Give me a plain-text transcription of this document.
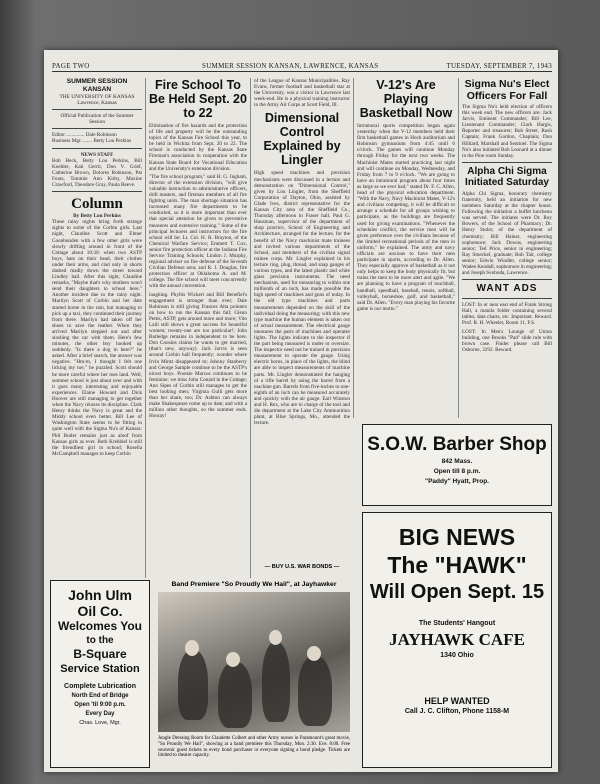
PAGE TWO	SUMMER SESSION KANSAN, LAWRENCE, KANSAS	TUESDAY, SEPTEMBER 7, 1943
SUMMER SESSION KANSAN
THE UNIVERSITY OF KANSAS
Lawrence, Kansas
Official Publication of the Summer Session
Editor .............. Dale Robinson
Business Mgr. ....... Betty Lou Perkins
NEWS STAFF
Bob Beck, Betty Lou Perkins, Bill Koehler, Kati Gerrit, Don V. Grief, Catherine Brown, Dolores Robinson, Pat Fouts, Tommie Ann Kirby, Maxine Crawford, Theodore Gray, Paula Reeve.
Column
By Betty Lou Perkins
These rainy nights bring forth strange sights to some of the Corbin girls. Last night, Claudine Scott and Elmer Coonbunden with a few other girls were slowly drifting around in front of the Cottage about 10:30: when two ASTP boys, hats on their head, their clothes under their arms, and clad only in shorts dashed madly down the street toward Lindley hall. After this sight, Claudine remarks, "Maybe that's why mothers won't send their daughters to school here." Another incident due to the rainy night. Marilyn Scott of Corbin and her date started home in the rain, but managing to pick up a taxi, they continued their journey from there. Marilyn had taken off her shoes to save the leather. When they arrived Marilyn stepped out and after sloshing the car with them. Here's few minutes, the other boy hooked up suddenly. "Is there a dog in here?" he asked. After a brief search, the answer was negative. "Hm-m, I thought I felt one licking my toe," he puzzled. Scott should be more careful where her toes land. Well, summer school is just about over and with it goes many interesting and enjoyable experiences. Elaine Howard and Dick Hoover are still managing to get together when the Navy relaxes its discipline. Clark Henry thinks the Navy is great and the Middy school even better. Bill Lee of Washington State seems to be fitting in quite well with the Sigma Nu's of Kansas: Phil Butler remains just as aloof from Kansas girls as ever. Both Krehbiel is still the friendliest girl in school; Rosella McCampbell manages to keep Corbin
Fire School To Be Held Sept. 20 to 22
Elimination of fire hazards and the protection of life and property will be the outstanding topics of the Kansas Fire School this year, to be held in Wichita from Sept. 20 to 22. The school is conducted by the Kansas State Fireman's association in cooperation with the Kansas State Board for Vocational Education and the University's extension division.
"The fire school program," said H. G. Ingham, director of the extension division, "will give valuable instruction to administrative officers, drill masters, and fireman members of all fire fighting units. The man shortage situation has increased many fire departments to be conducted, so it is more important than ever that special attention be given to preventive measures and extensive training." Some of the principal lecturers and instructors for the fire school will be: Lt. Col. H. R. Brayton, of the Chemical Warfare Service; Emmett T. Cox, senior fire protection officer at the Indiana Fire Service Training Schools; Lindon J. Murphy, regional adviser on fire defense of the Seventh Civilian Defense area; and R. J. Douglas, fire protection officer at Oklahoma A. and M. college. The fire school will meet concurrently with the annual convention.
laughing. Phyllis Wickert and Bill Benefiel's engagement is stronger than ever; Dale Robinson is still giving Frances Alta pointers on how to run the Kansan this fall; Glenn Pettis, ASTP, gets around more and more; Vito Laili still shows a great success for beautiful women; twenty-one are too particular!; John Butledge remains in independent to be here. Don Cousins claims he wants to get married, (that's new, anyway). Jack Jarvis is seen around Corbin hall frequently; wonder where Irvin Mintz disappeared to; Johnny Stanberry and George Sample continue to be the ASTP's nicest boys. Pootsie Marcus continues to be feminine; we miss John Conard in the Cottage; Ann Sipes of Corbin still manages to get the best looking men; Virginia Gulli gets more than her share, too; Dr. Ashton can always make Shakespeare come up to date; and with a million other thoughts, so the summer ends. Hooray!
of the League of Kansas Municipalities. Ray Evans, former football and basketball star at the University, was a visitor in Lawrence last week-end. He is a physical training instructor in the Army Air Corps at Scott Field, Ill.
Dimensional Control Explained by Lingler
High speed machines and precision mechanisms were discussed in a lecture and demonstration on "Dimensional Control," given by Lou Lingler, from the Sheffield Corporation of Dayton, Ohio, assisted by Glade Ives, district representative for the Kansas City area of the Sheffield Co., Thursday afternoon in Fraser hall. Paul G. Hausman, supervisor of the department of shop practice, School of Engineering and Architecture, arranged for the lecture, for the benefit of the Navy machinist mate trainees and invited various departments of the School, and members of the civilian signal trainee corps. Mr. Lingler explained in his lecture ring, plug, thread, and snap gauges of various types, and the latest plastic and white glass precision instruments. The need mechanism, used for measuring to within one millionth of an inch, has made possible the high speed of machines and guns of today. In the old type machines and parts measurements depended on the skill of the individual doing the measuring; with this new type machine the human element is taken out of actual measurement. The electrical gauge measures the parts of machines and operates lights. The lights indicate to the inspector if the part being measured is under or oversize. The inspector need not be trained in precision measurement to operate the gauge. Using electric horns, in place of the lights, the blind are able to inspect measurements of machine parts. Mr. Lingler demonstrated the hanging of a rifle barrel by using the barrel from a machine gun. Barrels from five-inches to one-eighth of an inch can be measured accurately and quickly with the air gauge. Earl Winston and H. Rex, who are in charge of the tool and die department at the Lake City Ammunition plant, at Blue Springs, Mo., attended the lecture.
— BUY U.S. WAR BONDS —
V-12's Are Playing Basketball Now
Intramural sports competition began again yesterday when the V-12 members held their first basketball games in Hoch auditorium and Robinson gymnasium from 4:45 until 6 o'clock. The games will continue Monday through Friday for the next two weeks. The Machinist Mates started practicing last night and will continue on Monday, Wednesday, and Friday from 7 to 9 o'clock. "We are going to have an intramural program about four times as large as we ever had," stated Dr. F. C. Allen, head of the physical education department. "With the Navy, Navy Machinist Mates, V-12's and civilians competing, it will be difficult to arrange a schedule for all groups wishing to participate, as the buildings are frequently used for giving examinations. "Whenever the schedules conflict, the service men will be given preference over the civilians because of the limited recreational periods of the men in uniform," he explained. The army and navy officials are anxious to have their men participate in sports, according to Dr. Allen. They especially approve of basketball as it not only helps to keep the body physically fit, but trains the men to be more alert and agile. "We are planning to have a program of touchball, handball, speedball, baseball, tennis, softball, volleyball, horseshoe, golf, and basketball," said Dr. Allen. "Every man playing his favorite game is our motto."
Sigma Nu's Elect Officers For Fall
The Sigma Nu's held election of officers this week end. The new officers are: Jack Jarvis, Eminent Commander; Bill Lee, Lieutenant Commander; Clark Hargis, Reporter and treasurer; Bob Street, Rush Captain; Frank Gordon, Chaplain; Don Hilliard, Marshall and Sentinel. The Sigma Nu's also initiated Bob Leonard at a dinner in the Pine room Sunday.
Alpha Chi Sigma Initiated Saturday
Alpha Chi Sigma, honorary chemistry fraternity, held an initiation for new members Saturday at the chapter house. Following the initiation a buffet luncheon was served. The initiates were Dr. Roy Bowers, of the School of Pharmacy; Dr. Henry Stoler, of the department of chemistry; Bill Hainer, engineering sophomore; Jack Downs, engineering senior; Ted Price, senior in engineering; Ray Stoeckel, graduate; Bob Tait, college senior; Edwin Windler, college senior; Wadee Kendall, sophomore in engineering; and Joseph Svoboda, Lawrence.
WANT ADS
LOST: In or near east end of Frank Strong Hall, a manila folder containing several tables, data charts, etc. Important. Reward. Prof. R. H. Wheeler, Room 11, F.S.
LOST: In Men's Lounge of Union building, one Brooks "Pad" slide rule with brown case. Finder please call Bill Osborne, 3292. Reward.
S.O.W. Barber Shop
842 Mass.
Open till 8 p.m.
"Paddy" Hyatt, Prop.
BIG NEWS
The "HAWK"
Will Open Sept. 15
The Students' Hangout
JAYHAWK CAFE
1340 Ohio
HELP WANTED
Call J. C. Clifton, Phone 1158-M
John Ulm
Oil Co.
Welcomes You
to the
B-Square
Service Station
Complete Lubrication
North End of Bridge
Open 'til 9:00 p.m.
Every Day
Chas. Love, Mgr.
Band Premiere "So Proudly We Hail", at Jayhawker
Jungle Dressing Room for Claudette Colbert and other Army nurses in Paramount's great movie, "So Proudly We Hail", showing at a band premiere this Thursday, Mon. 2:30. Eve. 8:00. Free souvenir guest tickets to every bond purchaser or everyone signing a bond pledge. Tickets are limited to theatre capacity.
